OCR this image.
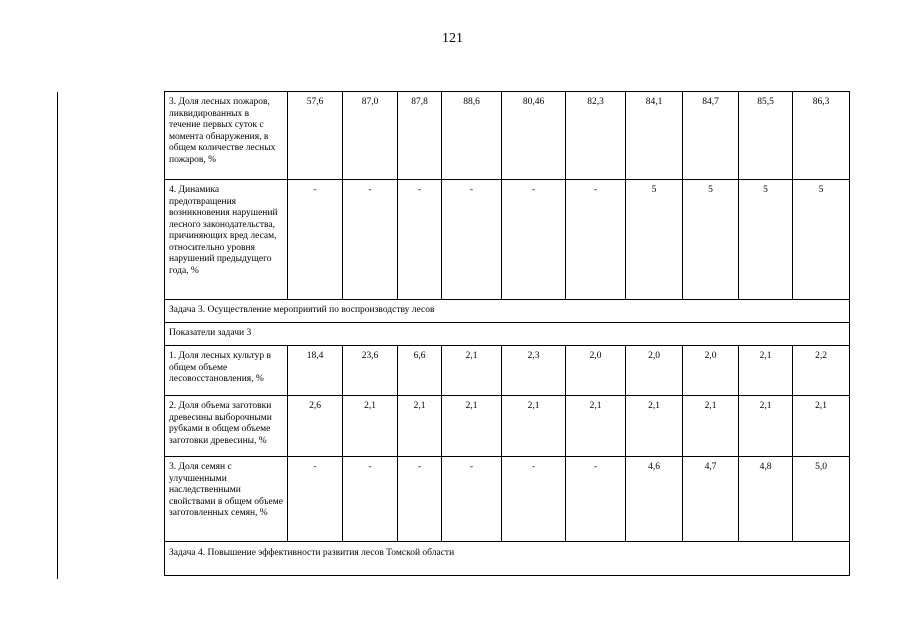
121
3. Доля лесных пожаров, ликвидированных в течение первых суток с момента обнаружения, в общем количестве лесных пожаров, %	57,6	87,0	87,8	88,6	80,46	82,3	84,1	84,7	85,5	86,3
4. Динамика предотвращения возникновения нарушений лесного законодательства, причиняющих вред лесам, относительно уровня нарушений предыдущего года, %	-	-	-	-	-	-	5	5	5	5
Задача 3. Осуществление мероприятий по воспроизводству лесов										
Показатели задачи 3										
1. Доля лесных культур в общем объеме лесовосстановления, %	18,4	23,6	6,6	2,1	2,3	2,0	2,0	2,0	2,1	2,2
2. Доля объема заготовки древесины выборочными рубками в общем объеме заготовки древесины, %	2,6	2,1	2,1	2,1	2,1	2,1	2,1	2,1	2,1	2,1
3. Доля семян с улучшенными наследственными свойствами в общем объеме заготовленных семян, %	-	-	-	-	-	-	4,6	4,7	4,8	5,0
Задача 4. Повышение эффективности развития лесов Томской области										
